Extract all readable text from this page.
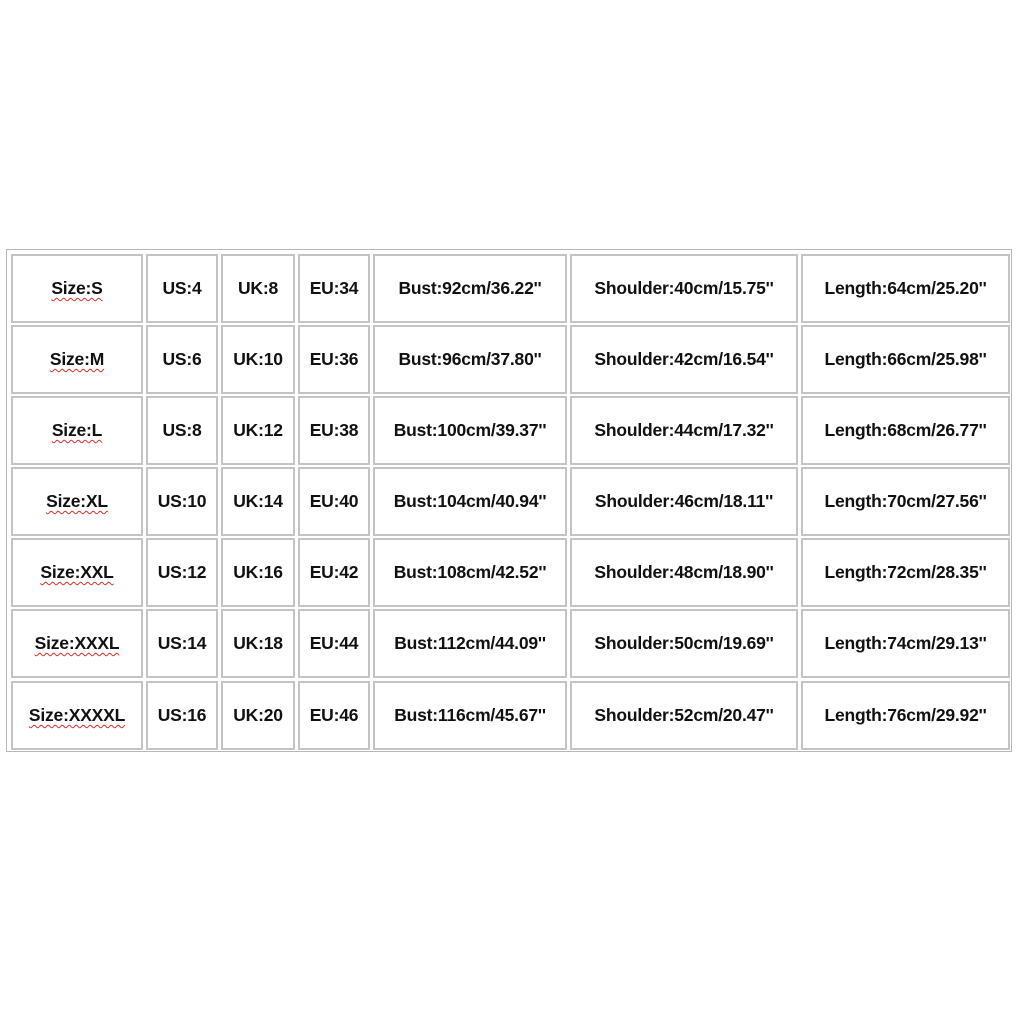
Size:S	US:4 UK:8 EU:34 Bust:92cm/36.22''	Shoulder:40cm/15.75''	Length:64cm/25.20''
Size:M	US:6 UK:10 EU:36 Bust:96cm/37.80''	Shoulder:42cm/16.54''	Length:66cm/25.98''
Size:L	US:8 UK:12 EU:38 Bust:100cm/39.37''	Shoulder:44cm/17.32''	Length:68cm/26.77''
Size:XL	US:10 UK:14 EU:40 Bust:104cm/40.94''	Shoulder:46cm/18.11''	Length:70cm/27.56''
Size:XXL	US:12 UK:16 EU:42 Bust:108cm/42.52''	Shoulder:48cm/18.90''	Length:72cm/28.35''
Size:XXXL US:14 UK:18 EU:44 Bust:112cm/44.09''	Shoulder:50cm/19.69''	Length:74cm/29.13''
Size:XXXXL US:16 UK:20 EU:46 Bust:116cm/45.67''	Shoulder:52cm/20.47''	Length:76cm/29.92''
